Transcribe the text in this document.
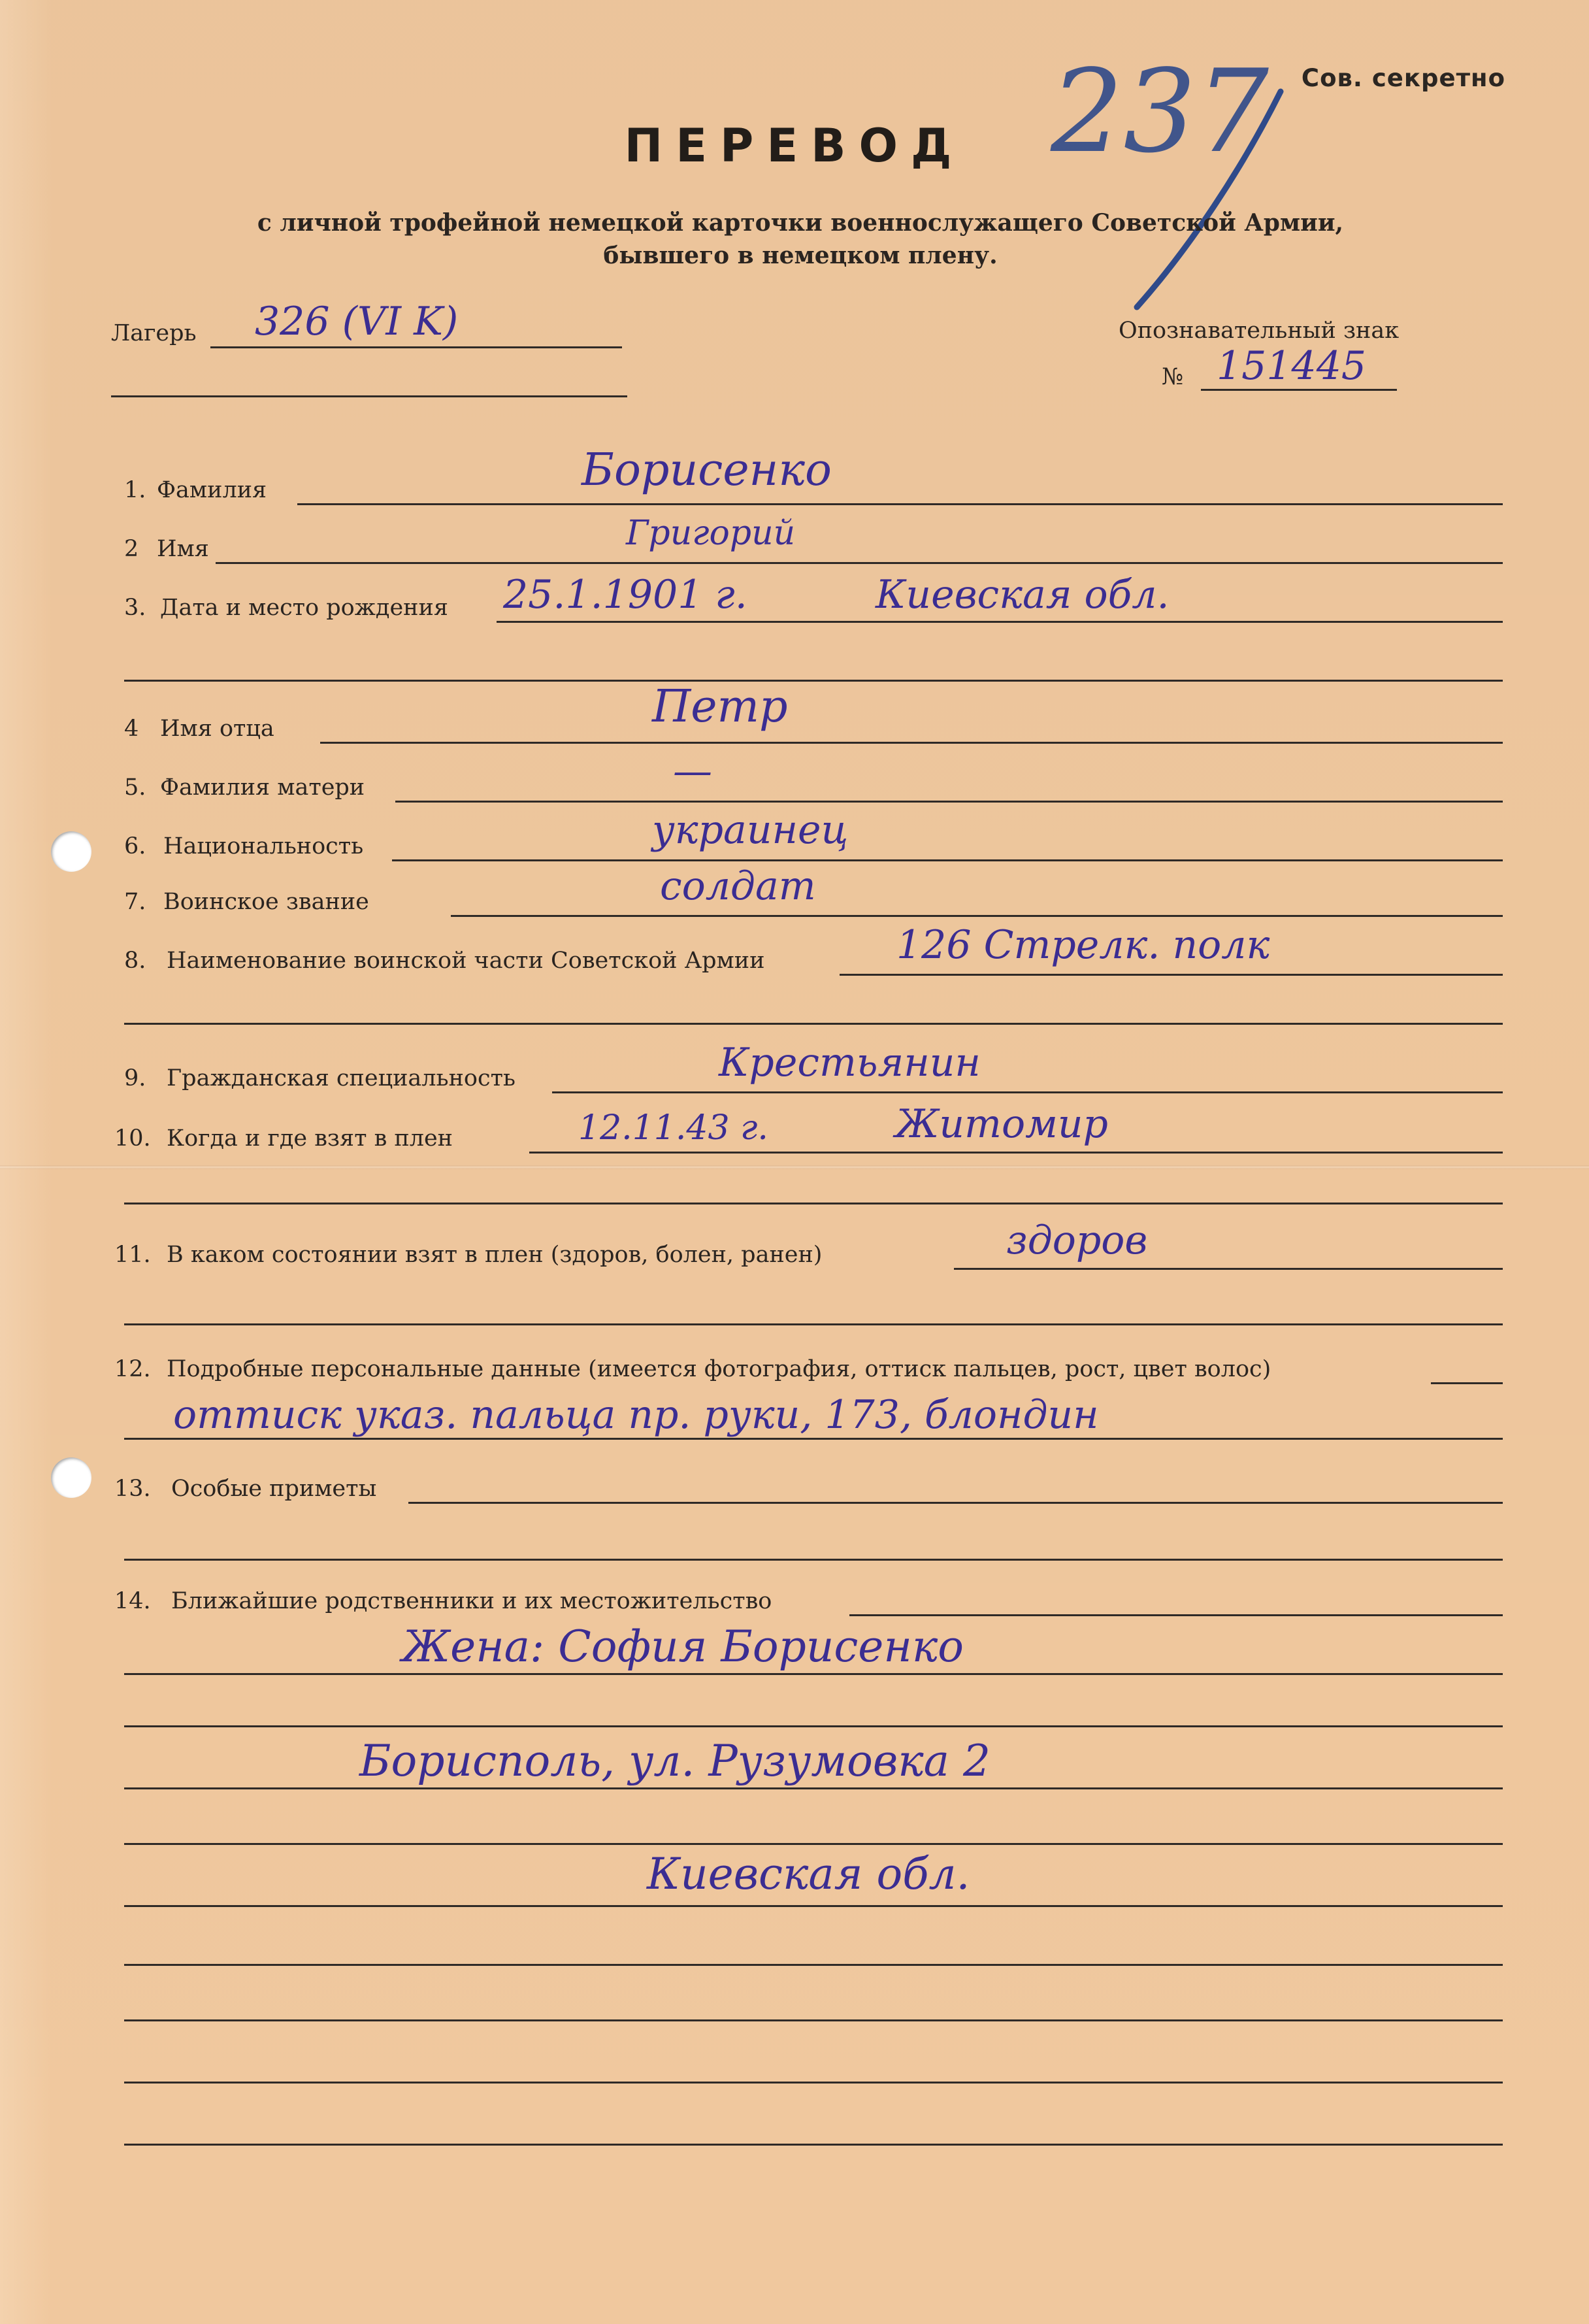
237 Сов. секретно
ПЕРЕВОД
с личной трофейной немецкой карточки военнослужащего Советской Армии,
бывшего в немецком плену.
Лагерь 326 (VI K)	Опознавательный знак
№ 151445
1. Фамилия	Борисенко
2 Имя	Григорий
3. Дата и место рождения 25.1.1901 г.	Киевская обл.
4 Имя отца	Петр
5. Фамилия матери	—
6. Национальность	украинец
7. Воинское звание	солдат
8. Наименование воинской части Советской Армии	126 Стрелк. полк
9. Гражданская специальность	Крестьянин
10. Когда и где взят в плен	12.11.43 г.	Житомир
11. В каком состоянии взят в плен (здоров, болен, ранен)	здоров
12. Подробные персональные данные (имеется фотография, оттиск пальцев, рост, цвет волос)
оттиск указ. пальца пр. руки, 173, блондин
13. Особые приметы
14. Ближайшие родственники и их местожительство
Жена: София Борисенко
Борисполь, ул. Рузумовка 2
Киевская обл.
